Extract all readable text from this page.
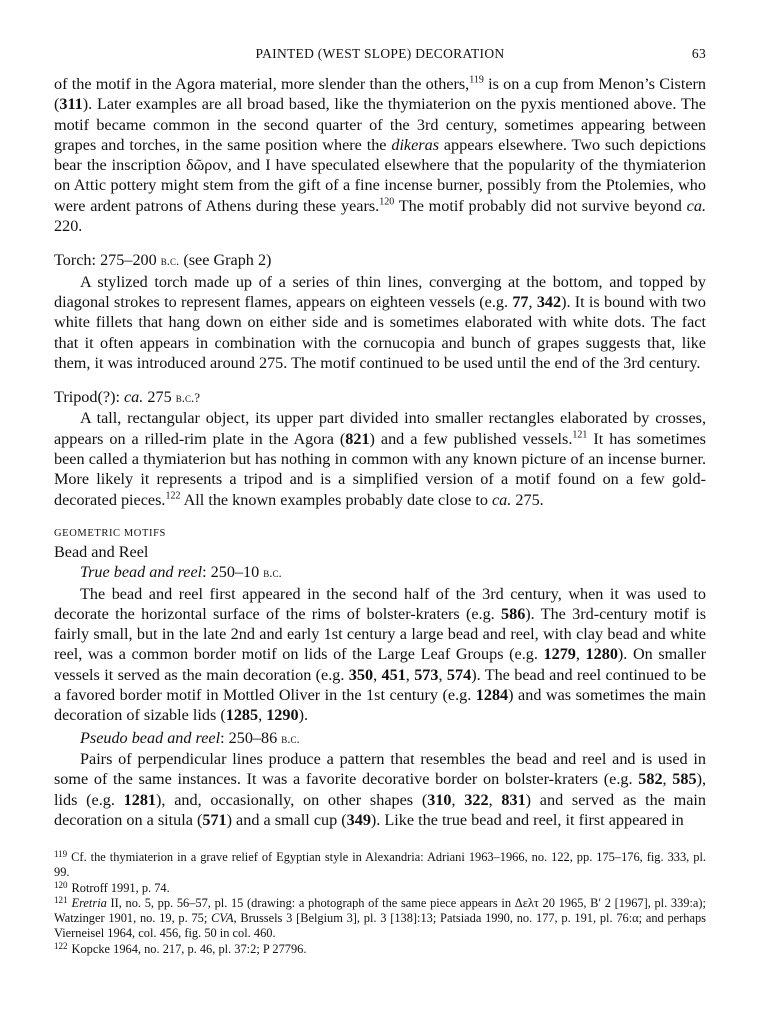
PAINTED (WEST SLOPE) DECORATION	63

of the motif in the Agora material, more slender than the others,$^{119}$ is on a cup from Menon’s Cistern (311). Later examples are all broad based, like the thymiaterion on the pyxis mentioned above. The motif became common in the second quarter of the 3rd century, sometimes appearing between grapes and torches, in the same position where the dikeras appears elsewhere. Two such depictions bear the inscription δῶρον, and I have speculated elsewhere that the popularity of the thymiaterion on Attic pottery might stem from the gift of a fine incense burner, possibly from the Ptolemies, who were ardent patrons of Athens during these years.$^{120}$ The motif probably did not survive beyond ca. 220.

Torch: 275–200 b.c. (see Graph 2)

A stylized torch made up of a series of thin lines, converging at the bottom, and topped by diagonal strokes to represent flames, appears on eighteen vessels (e.g. 77, 342). It is bound with two white fillets that hang down on either side and is sometimes elaborated with white dots. The fact that it often appears in combination with the cornucopia and bunch of grapes suggests that, like them, it was introduced around 275. The motif continued to be used until the end of the 3rd century.

Tripod(?): ca. 275 b.c.?

A tall, rectangular object, its upper part divided into smaller rectangles elaborated by crosses, appears on a rilled-rim plate in the Agora (821) and a few published vessels.$^{121}$ It has sometimes been called a thymiaterion but has nothing in common with any known picture of an incense burner. More likely it represents a tripod and is a simplified version of a motif found on a few gold-decorated pieces.$^{122}$ All the known examples probably date close to ca. 275.

GEOMETRIC MOTIFS

Bead and Reel

True bead and reel: 250–10 b.c.

The bead and reel first appeared in the second half of the 3rd century, when it was used to decorate the horizontal surface of the rims of bolster-kraters (e.g. 586). The 3rd-century motif is fairly small, but in the late 2nd and early 1st century a large bead and reel, with clay bead and white reel, was a common border motif on lids of the Large Leaf Groups (e.g. 1279, 1280). On smaller vessels it served as the main decoration (e.g. 350, 451, 573, 574). The bead and reel continued to be a favored border motif in Mottled Oliver in the 1st century (e.g. 1284) and was sometimes the main decoration of sizable lids (1285, 1290).

Pseudo bead and reel: 250–86 b.c.

Pairs of perpendicular lines produce a pattern that resembles the bead and reel and is used in some of the same instances. It was a favorite decorative border on bolster-kraters (e.g. 582, 585), lids (e.g. 1281), and, occasionally, on other shapes (310, 322, 831) and served as the main decoration on a situla (571) and a small cup (349). Like the true bead and reel, it first appeared in

$^{119}$ Cf. the thymiaterion in a grave relief of Egyptian style in Alexandria: Adriani 1963–1966, no. 122, pp. 175–176, fig. 333, pl. 99.
$^{120}$ Rotroff 1991, p. 74.
$^{121}$ Eretria II, no. 5, pp. 56–57, pl. 15 (drawing: a photograph of the same piece appears in Δελτ 20 1965, Β′ 2 [1967], pl. 339:a); Watzinger 1901, no. 19, p. 75; CVA, Brussels 3 [Belgium 3], pl. 3 [138]:13; Patsiada 1990, no. 177, p. 191, pl. 76:α; and perhaps Vierneisel 1964, col. 456, fig. 50 in col. 460.
$^{122}$ Kopcke 1964, no. 217, p. 46, pl. 37:2; P 27796.
